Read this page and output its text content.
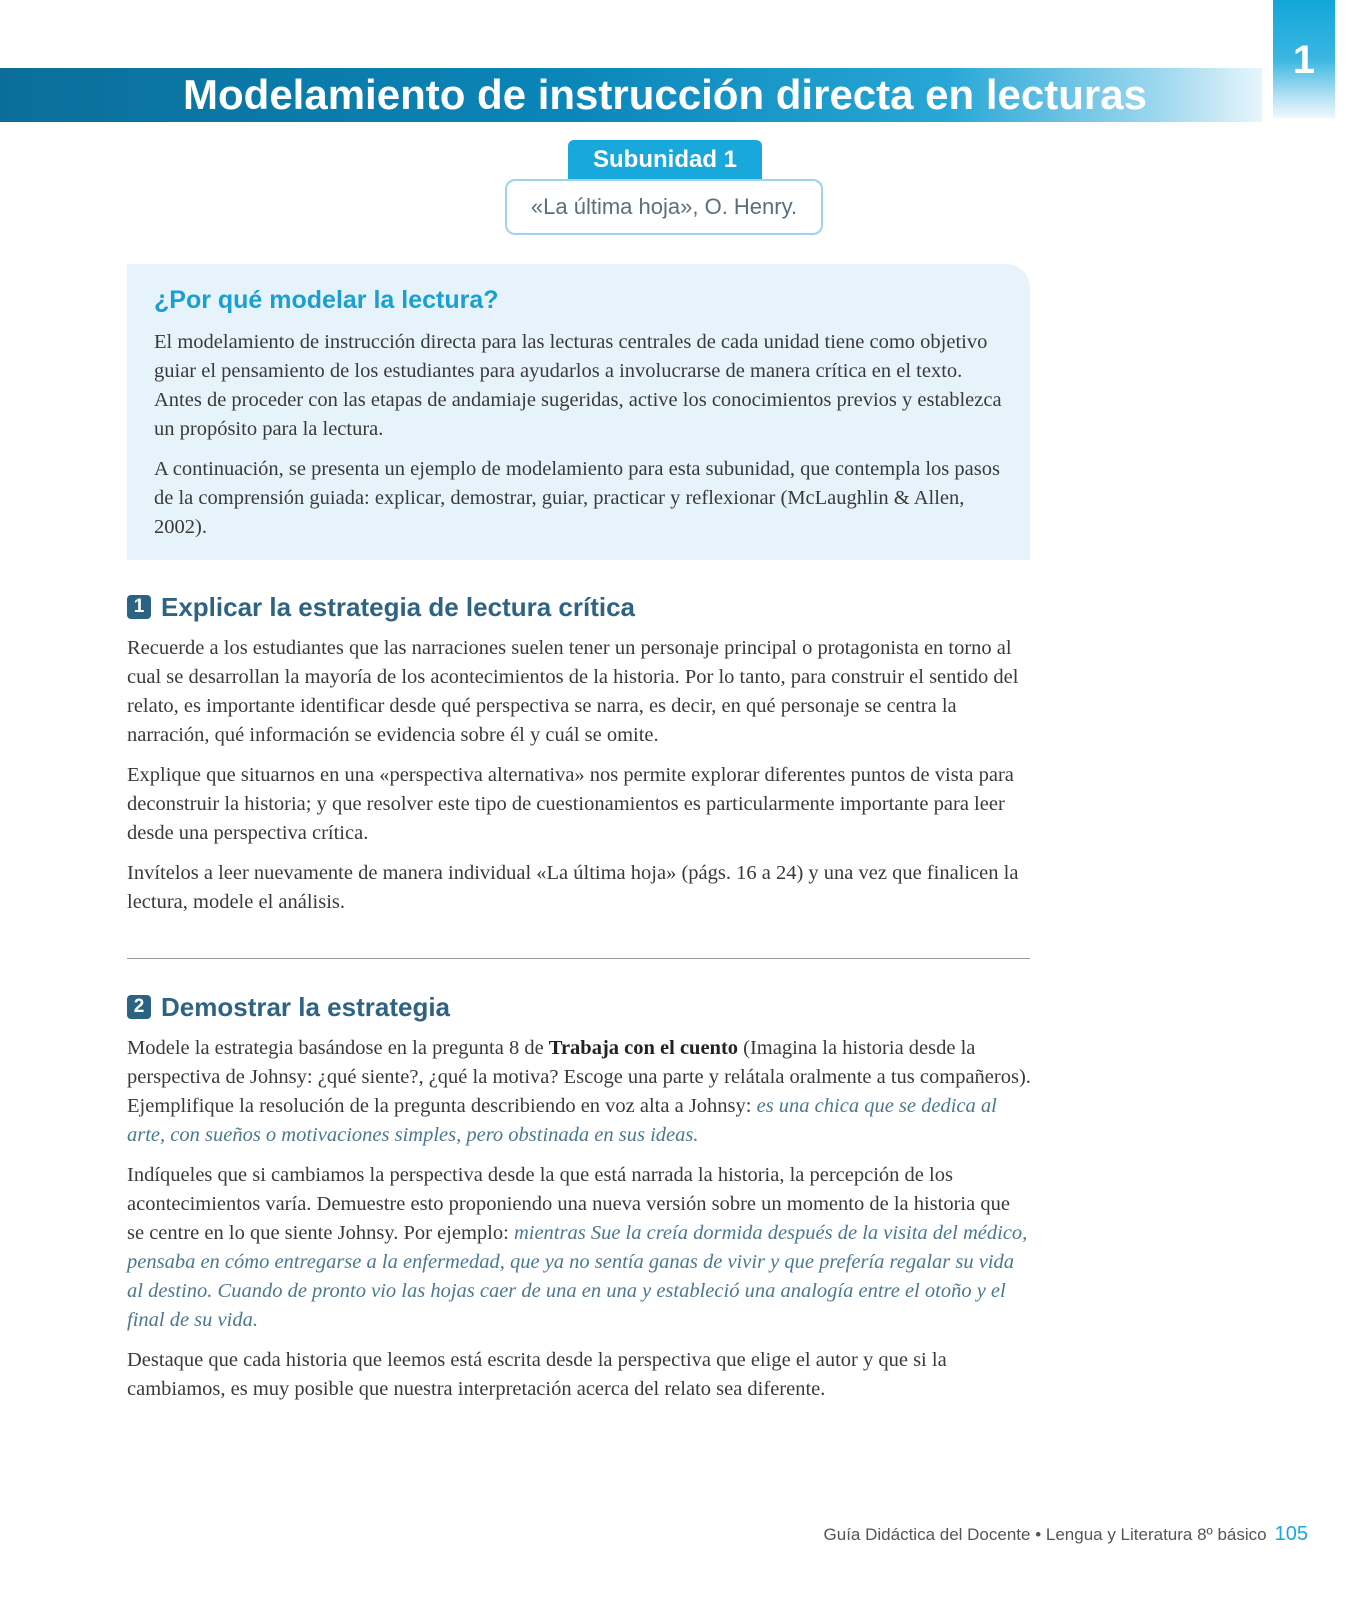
Modelamiento de instrucción directa en lecturas
1
Subunidad 1
«La última hoja», O. Henry.
¿Por qué modelar la lectura?

El modelamiento de instrucción directa para las lecturas centrales de cada unidad tiene como objetivo guiar el pensamiento de los estudiantes para ayudarlos a involucrarse de manera crítica en el texto. Antes de proceder con las etapas de andamiaje sugeridas, active los conocimientos previos y establezca un propósito para la lectura.

A continuación, se presenta un ejemplo de modelamiento para esta subunidad, que contempla los pasos de la comprensión guiada: explicar, demostrar, guiar, practicar y reflexionar (McLaughlin & Allen, 2002).

1 Explicar la estrategia de lectura crítica

Recuerde a los estudiantes que las narraciones suelen tener un personaje principal o protagonista en torno al cual se desarrollan la mayoría de los acontecimientos de la historia. Por lo tanto, para construir el sentido del relato, es importante identificar desde qué perspectiva se narra, es decir, en qué personaje se centra la narración, qué información se evidencia sobre él y cuál se omite.

Explique que situarnos en una «perspectiva alternativa» nos permite explorar diferentes puntos de vista para deconstruir la historia; y que resolver este tipo de cuestionamientos es particularmente importante para leer desde una perspectiva crítica.

Invítelos a leer nuevamente de manera individual «La última hoja» (págs. 16 a 24) y una vez que finalicen la lectura, modele el análisis.

2 Demostrar la estrategia

Modele la estrategia basándose en la pregunta 8 de Trabaja con el cuento (Imagina la historia desde la perspectiva de Johnsy: ¿qué siente?, ¿qué la motiva? Escoge una parte y relátala oralmente a tus compañeros). Ejemplifique la resolución de la pregunta describiendo en voz alta a Johnsy: es una chica que se dedica al arte, con sueños o motivaciones simples, pero obstinada en sus ideas.

Indíqueles que si cambiamos la perspectiva desde la que está narrada la historia, la percepción de los acontecimientos varía. Demuestre esto proponiendo una nueva versión sobre un momento de la historia que se centre en lo que siente Johnsy. Por ejemplo: mientras Sue la creía dormida después de la visita del médico, pensaba en cómo entregarse a la enfermedad, que ya no sentía ganas de vivir y que prefería regalar su vida al destino. Cuando de pronto vio las hojas caer de una en una y estableció una analogía entre el otoño y el final de su vida.

Destaque que cada historia que leemos está escrita desde la perspectiva que elige el autor y que si la cambiamos, es muy posible que nuestra interpretación acerca del relato sea diferente.

Guía Didáctica del Docente • Lengua y Literatura 8º básico 105
